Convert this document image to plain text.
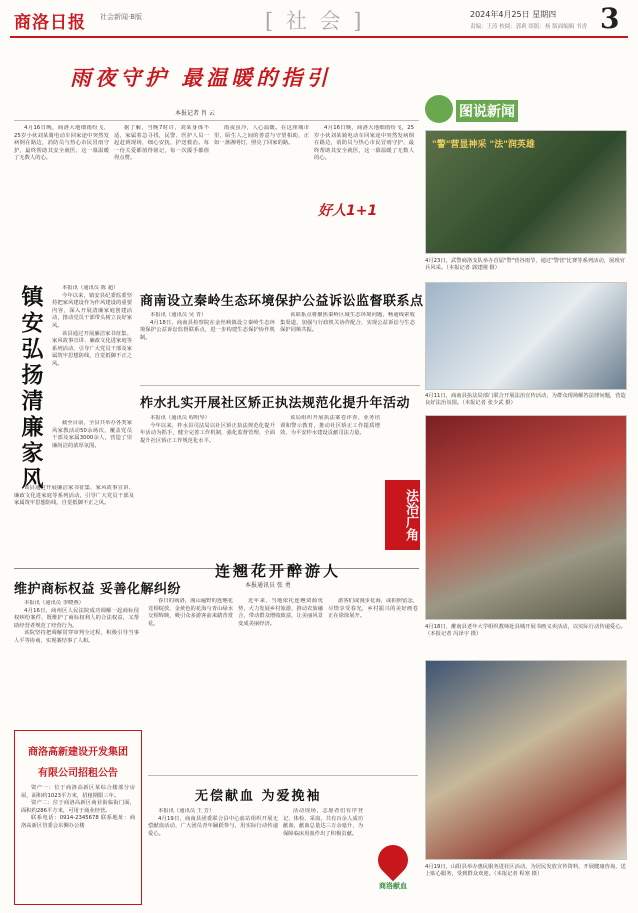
商洛日报 社会新闻·B版	[ 社 会 ]	2024年4月25日 星期四
责编：王涛 校阅：郭莉 组版：杨 版面编辑 书香 3
雨夜守护 最温暖的指引
本报记者 肖 云

4月16日晚，商洛大地细雨纷飞，25岁小伙刘某骑电动车回家途中突然发病倒在路边，消防员与热心市民冒雨守护，最终帮助其安全就医，这一幕温暖了无数人的心。

据了解，当晚7时许，刘某身体不适，家属着急寻找，民警、医护人员一起赶到现场，细心安抚，护送救治。每一份关爱都值得铭记，每一次援手都值得点赞。

雨夜虽冷，人心温暖。在这座城市里，陌生人之间的善意与守望相助，正如一盏盏明灯，照亮了回家的路。

4月16日晚，商洛大地细雨纷飞，25岁小伙刘某骑电动车回家途中突然发病倒在路边，消防员与热心市民冒雨守护，最终帮助其安全就医，这一幕温暖了无数人的心。

好人1+1
图说新闻
"警"营显神采 "法"润英雄
4月23日，武警商洛支队举办首届"警"营谷雨节，通过"警营"比赛等系列活动，展现官兵风采。（本报记者 郭建刚 摄）
镇安弘扬清廉家风	本报讯（通讯员 陈 超）

今年以来，镇安县纪委监委坚持把家风建设作为作风建设的重要内容，深入开展清廉家庭创建活动，推动党员干部带头树立良好家风。

该县通过开展廉洁家书征集、家风故事宣讲、廉政文化进家庭等系列活动，引导广大党员干部及家属筑牢思想防线，自觉抵御不正之风。

截至目前，全县共举办各类家风家教活动50余场次，覆盖党员干部及家属3000余人，营造了崇廉尚洁的浓厚氛围。

该县通过开展廉洁家书征集、家风故事宣讲、廉政文化进家庭等系列活动，引导广大党员干部及家属筑牢思想防线，自觉抵御不正之风。

商南设立秦岭生态环境保护公益诉讼监督联系点

本报讯（通讯员 吴 青）

4月18日，商南县检察院在金丝峡镇设立秦岭生态环境保护公益诉讼监督联系点，进一步构建生态保护协作机制。

该联系点将聚焦秦岭区域生态环境问题，畅通线索收集渠道，加强与行政机关协作配合，实现公益诉讼与生态保护同频共振。

柞水扎实开展社区矫正执法规范化提升年活动

本报讯（通讯员 程明琴）

今年以来，柞水县司法局以社区矫正执法规范化提升年活动为抓手，健全完善工作机制，强化监督管理，全面提升社区矫正工作规范化水平。

该局组织开展执法案卷评查、业务培训和警示教育，推动社区矫正工作提质增效，为平安柞水建设贡献司法力量。

法治广角
4月11日，商南县执法局部门联合开展法治宣传活动，为群众现场解答法律问题，营造良好法治氛围。（本报记者 张少武 摄）
4月18日，雒南县老年大学组织教师赴县城开展书画义卖活动，以实际行动传递爱心。（本报记者 冯泽宇 摄）
4月19日，山阳县举办惠民服务进社区活动，为居民发放宣传资料，开展健康咨询，送上贴心服务，受到群众欢迎。（本报记者 程寒 摄）
维护商标权益 妥善化解纠纷

本报讯（通讯员 李晓燕）

4月16日，商州区人民法院成功调解一起商标侵权纠纷案件，既维护了商标权利人的合法权益，又帮助经营者规范了经营行为。

该院坚持把调解贯穿审判全过程，积极引导当事人平等协商，实现案结事了人和。

连翘花开醉游人
本报通讯员 张 勇

春日的商洛，漫山遍野的连翘花竞相绽放，金黄色的花海与青山绿水交相辉映，吸引众多游客前来踏青赏花。

近年来，当地依托连翘资源优势，大力发展乡村旅游，推动农旅融合，带动群众增收致富，让美丽风景变成美丽经济。

游客们或漫步花海，或拍照留念，尽情享受春光，乡村振兴的美好画卷正在徐徐展开。

商洛高新建设开发集团
有限公司招租公告

资产一：位于商洛高新区某综合楼部分房屋，面积约1023平方米，招租期限三年。

资产二：位于商洛高新区商业街临街门面，面积约286平方米，可用于商业经营。

联系电话：0914-2345678 联系地址：商洛高新区管委会东侧办公楼

无偿献血 为爱挽袖

本报讯（通讯员 王 芳）

4月19日，商南县团委联合县中心血站组织开展无偿献血活动，广大团员青年踊跃参与，用实际行动传递爱心。

活动现场，志愿者们有序登记、体检、采血，共有百余人成功献血，献血总量达三万余毫升，为保障临床用血作出了积极贡献。

商洛献血
